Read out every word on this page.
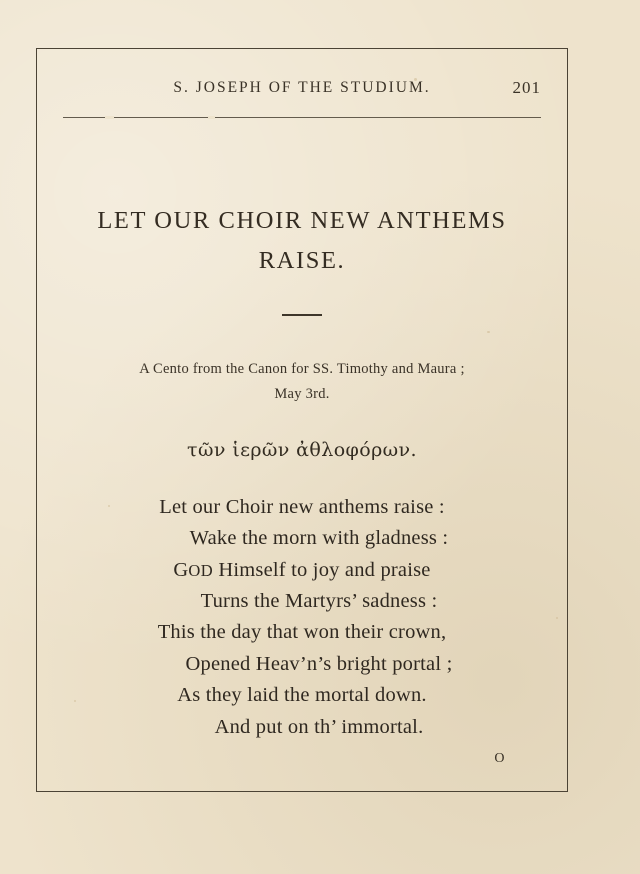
S. JOSEPH OF THE STUDIUM.	201
LET OUR CHOIR NEW ANTHEMS
RAISE.
A Cento from the Canon for SS. Timothy and Maura ;
May 3rd.
τῶν ἱερῶν ἀθλοφόρων.
Let our Choir new anthems raise :
Wake the morn with gladness :
GOD Himself to joy and praise
Turns the Martyrs’ sadness :
This the day that won their crown,
Opened Heav’n’s bright portal ;
As they laid the mortal down.
And put on th’ immortal.
O
